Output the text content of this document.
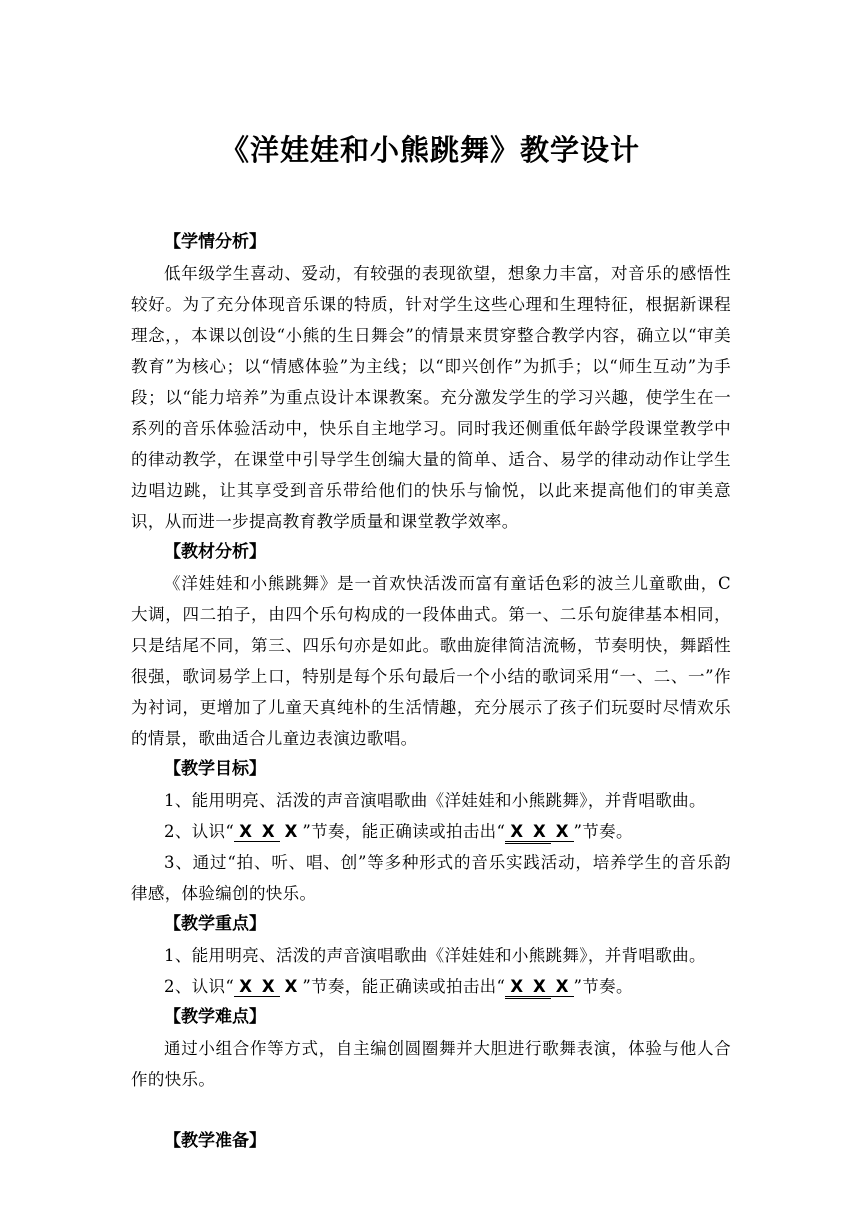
《洋娃娃和小熊跳舞》教学设计
【学情分析】
低年级学生喜动、爱动，有较强的表现欲望，想象力丰富，对音乐的感悟性较好。为了充分体现音乐课的特质，针对学生这些心理和生理特征，根据新课程理念，，本课以创设“小熊的生日舞会”的情景来贯穿整合教学内容，确立以“审美教育”为核心；以“情感体验”为主线；以“即兴创作”为抓手；以“师生互动”为手段；以“能力培养”为重点设计本课教案。充分激发学生的学习兴趣，使学生在一系列的音乐体验活动中，快乐自主地学习。同时我还侧重低年龄学段课堂教学中的律动教学，在课堂中引导学生创编大量的简单、适合、易学的律动动作让学生边唱边跳，让其享受到音乐带给他们的快乐与愉悦，以此来提高他们的审美意识，从而进一步提高教育教学质量和课堂教学效率。
【教材分析】
《洋娃娃和小熊跳舞》是一首欢快活泼而富有童话色彩的波兰儿童歌曲，C大调，四二拍子，由四个乐句构成的一段体曲式。第一、二乐句旋律基本相同，只是结尾不同，第三、四乐句亦是如此。歌曲旋律简洁流畅，节奏明快，舞蹈性很强，歌词易学上口，特别是每个乐句最后一个小结的歌词采用“一、二、一”作为衬词，更增加了儿童天真纯朴的生活情趣，充分展示了孩子们玩耍时尽情欢乐的情景，歌曲适合儿童边表演边歌唱。
【教学目标】
1、能用明亮、活泼的声音演唱歌曲《洋娃娃和小熊跳舞》，并背唱歌曲。
2、认识“ X X X ”节奏，能正确读或拍击出“ X X X ”节奏。
3、通过“拍、听、唱、创”等多种形式的音乐实践活动，培养学生的音乐韵律感，体验编创的快乐。
【教学重点】
1、能用明亮、活泼的声音演唱歌曲《洋娃娃和小熊跳舞》，并背唱歌曲。
2、认识“ X X X ”节奏，能正确读或拍击出“ X X X ”节奏。
【教学难点】
通过小组合作等方式，自主编创圆圈舞并大胆进行歌舞表演，体验与他人合作的快乐。
【教学准备】
